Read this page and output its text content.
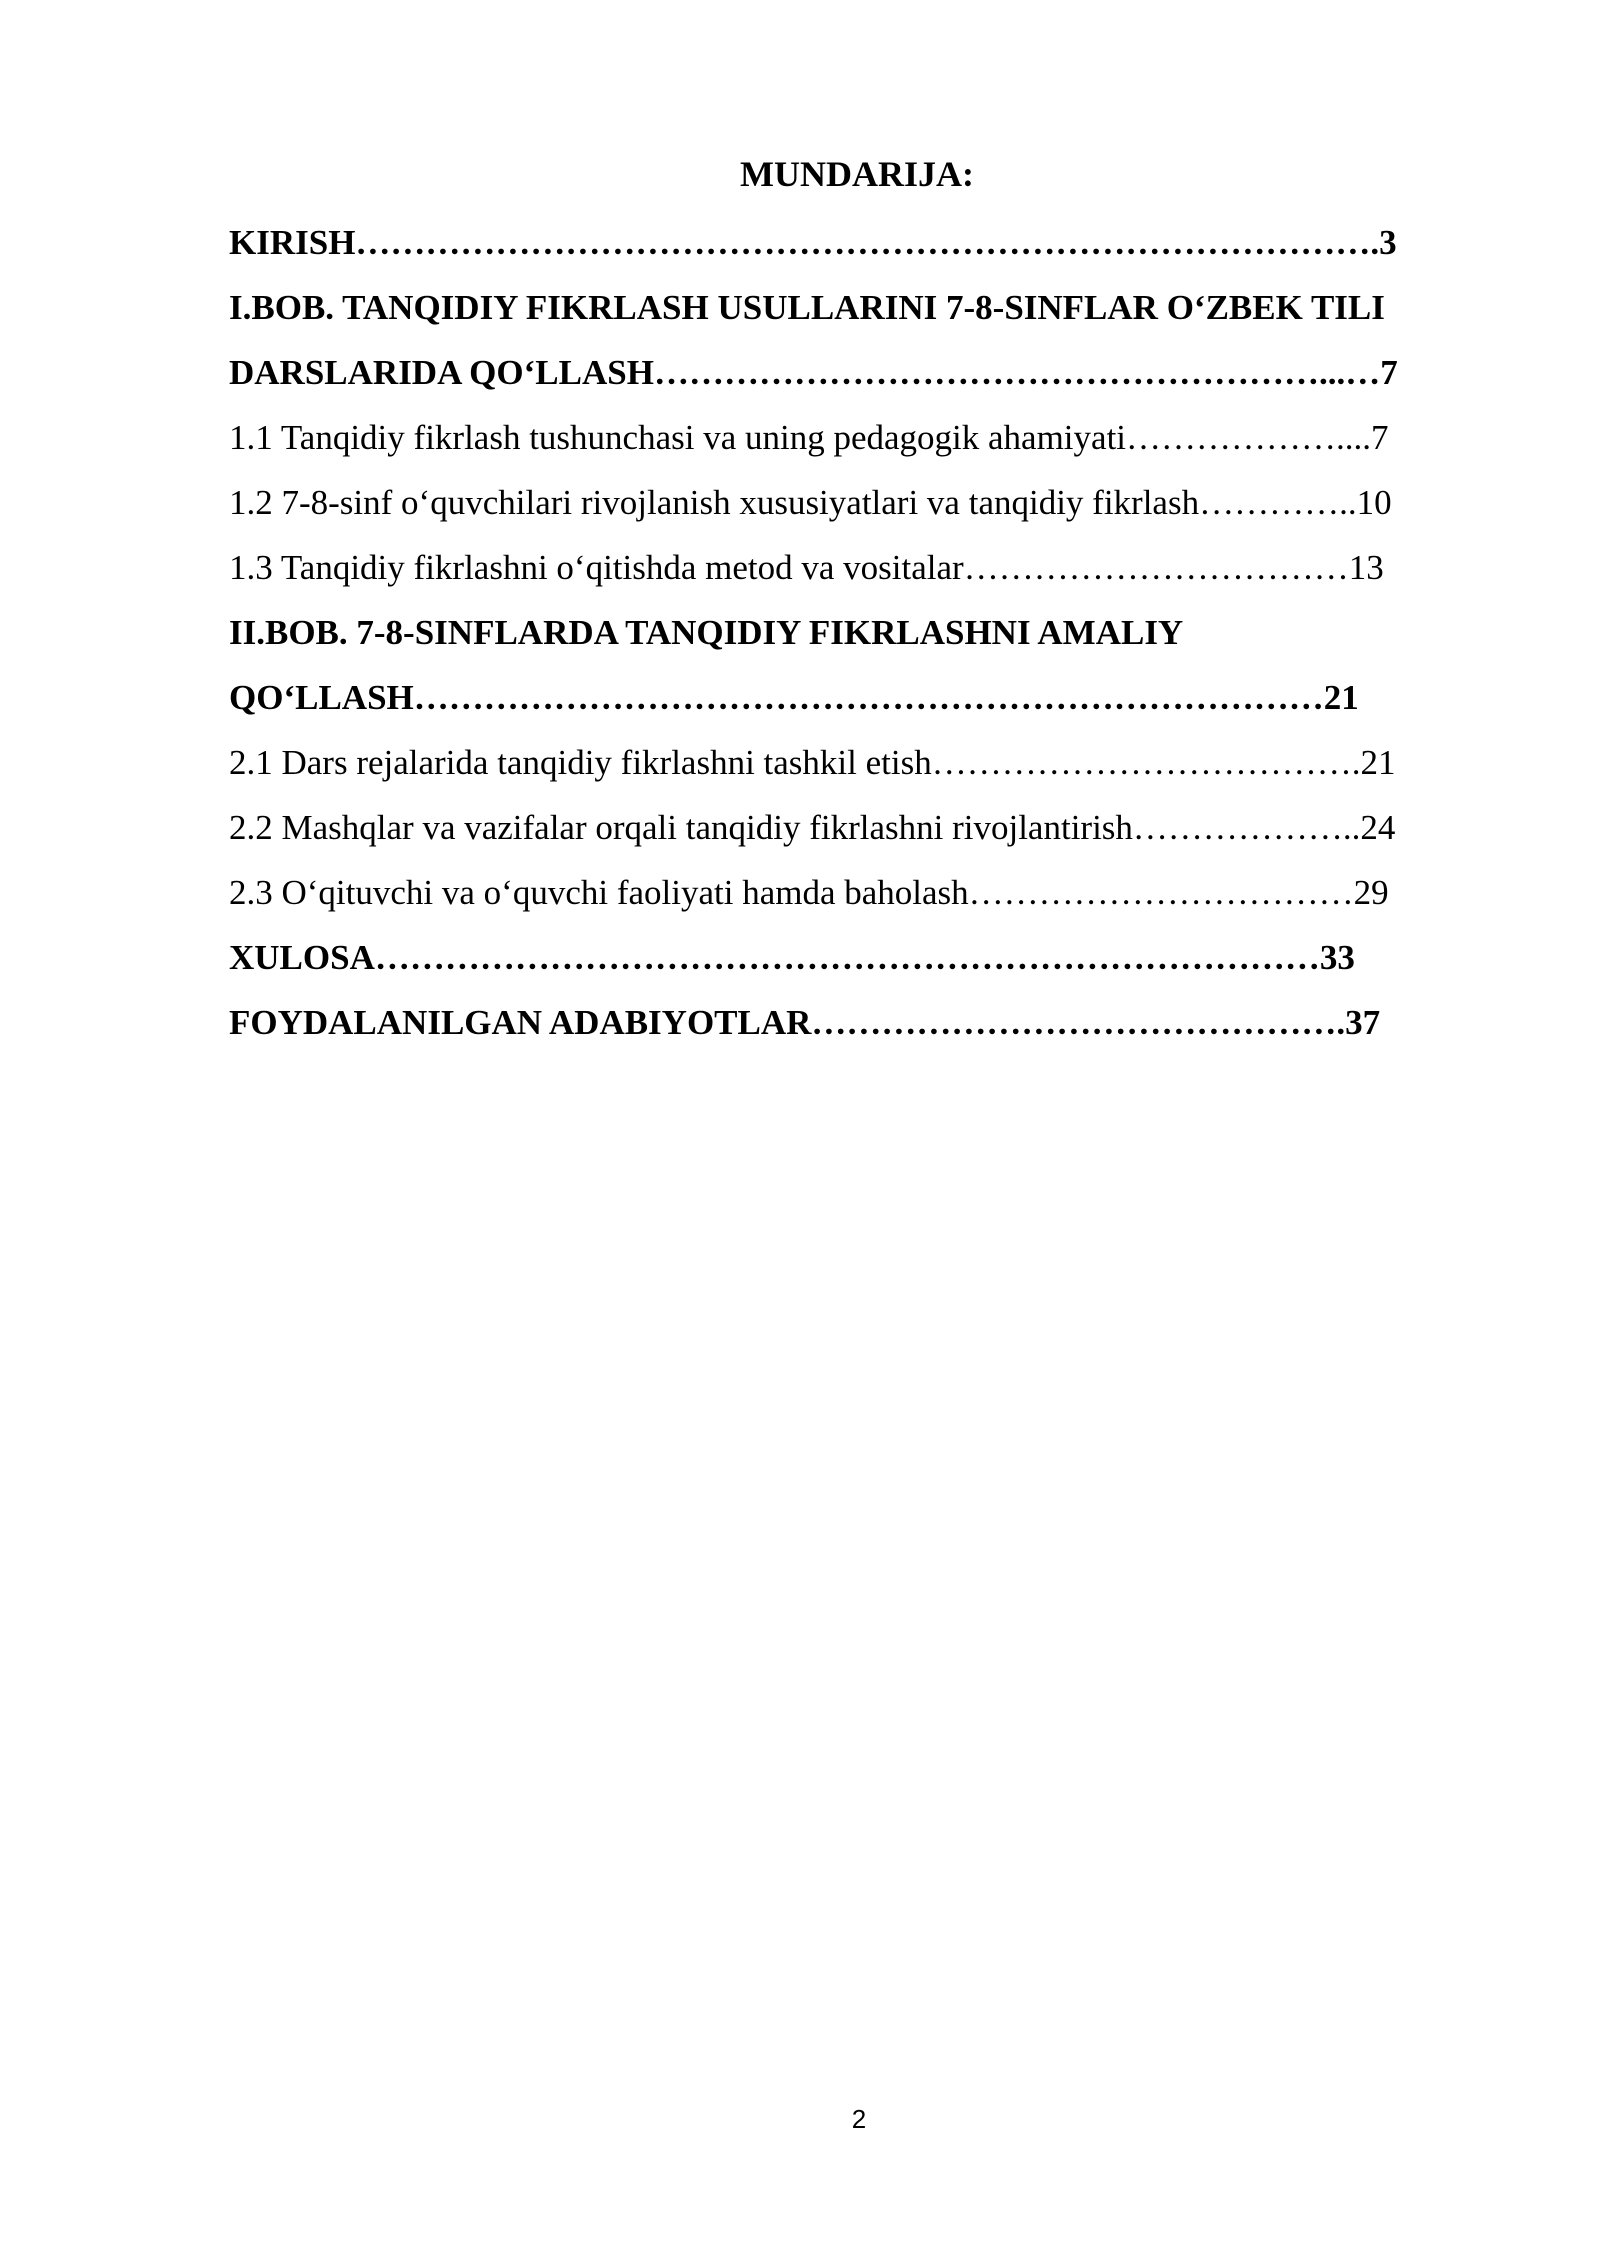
MUNDARIJA:
KIRISH…………………………………………………………………………….3
I.BOB. TANQIDIY FIKRLASH USULLARINI 7-8-SINFLAR O‘ZBEK TILI
DARSLARIDA QO‘LLASH…………………………………………………...…7
1.1 Tanqidiy fikrlash tushunchasi va uning pedagogik ahamiyati………………....7
1.2 7-8-sinf o‘quvchilari rivojlanish xususiyatlari va tanqidiy fikrlash…………..10
1.3 Tanqidiy fikrlashni o‘qitishda metod va vositalar……………………………13
II.BOB. 7-8-SINFLARDA TANQIDIY FIKRLASHNI AMALIY
QO‘LLASH……………………………………………………………………21
2.1 Dars rejalarida tanqidiy fikrlashni tashkil etish……………………………….21
2.2 Mashqlar va vazifalar orqali tanqidiy fikrlashni rivojlantirish………………..24
2.3 O‘qituvchi va o‘quvchi faoliyati hamda baholash……………………………29
XULOSA………………………………………………………………………33
FOYDALANILGAN ADABIYOTLAR……………………………………….37
2
